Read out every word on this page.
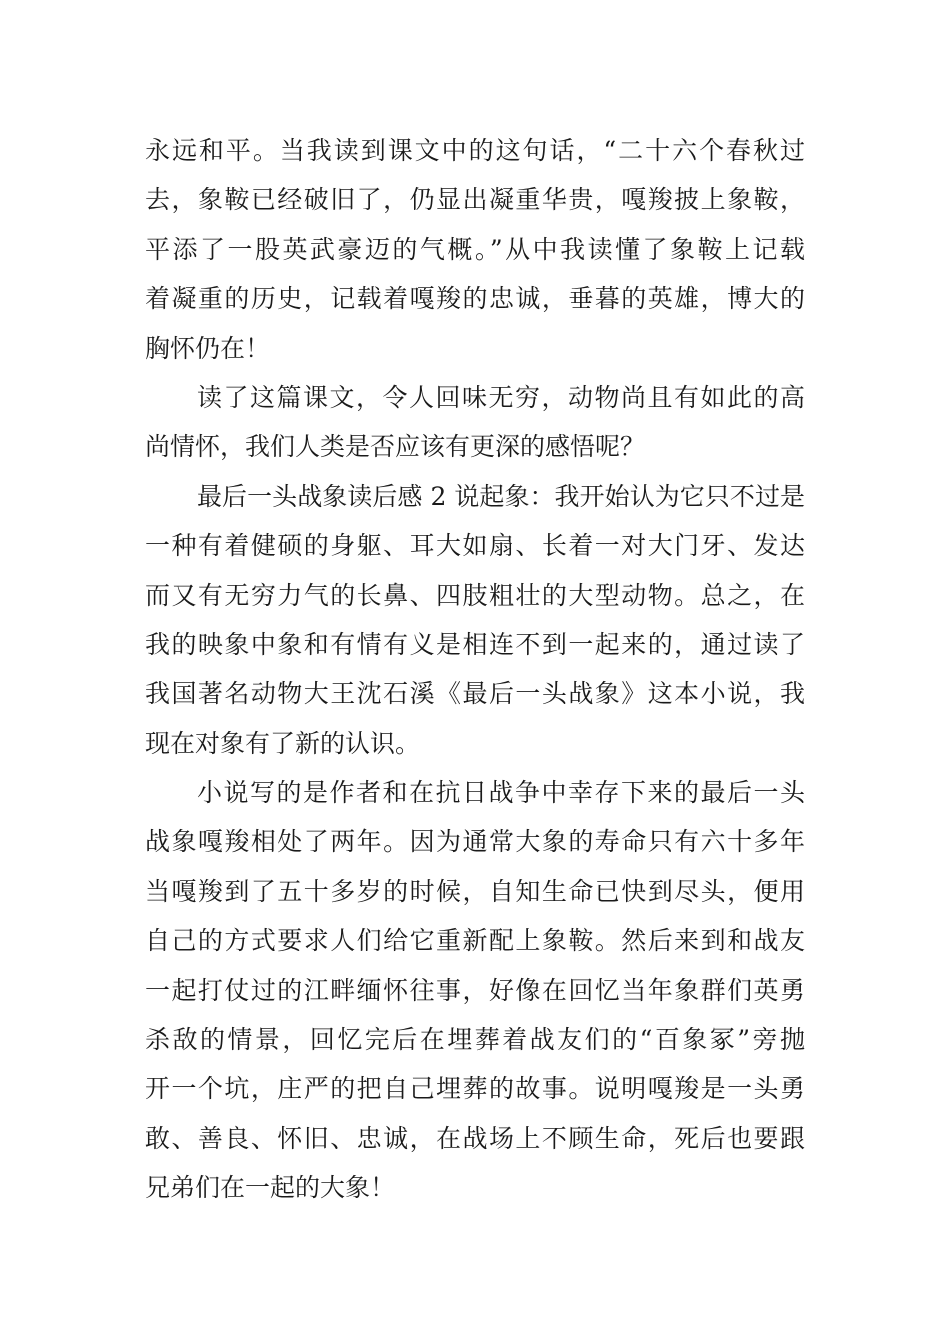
永远和平。当我读到课文中的这句话，“二十六个春秋过
去，象鞍已经破旧了，仍显出凝重华贵，嘎羧披上象鞍，
平添了一股英武豪迈的气概。”从中我读懂了象鞍上记载
着凝重的历史，记载着嘎羧的忠诚，垂暮的英雄，博大的
胸怀仍在！
读了这篇课文，令人回味无穷，动物尚且有如此的高
尚情怀，我们人类是否应该有更深的感悟呢？
最后一头战象读后感 2 说起象：我开始认为它只不过是
一种有着健硕的身躯、耳大如扇、长着一对大门牙、发达
而又有无穷力气的长鼻、四肢粗壮的大型动物。总之，在
我的映象中象和有情有义是相连不到一起来的，通过读了
我国著名动物大王沈石溪《最后一头战象》这本小说，我
现在对象有了新的认识。
小说写的是作者和在抗日战争中幸存下来的最后一头
战象嘎羧相处了两年。因为通常大象的寿命只有六十多年
当嘎羧到了五十多岁的时候，自知生命已快到尽头，便用
自己的方式要求人们给它重新配上象鞍。然后来到和战友
一起打仗过的江畔缅怀往事，好像在回忆当年象群们英勇
杀敌的情景，回忆完后在埋葬着战友们的“百象冢”旁抛
开一个坑，庄严的把自己埋葬的故事。说明嘎羧是一头勇
敢、善良、怀旧、忠诚，在战场上不顾生命，死后也要跟
兄弟们在一起的大象！
